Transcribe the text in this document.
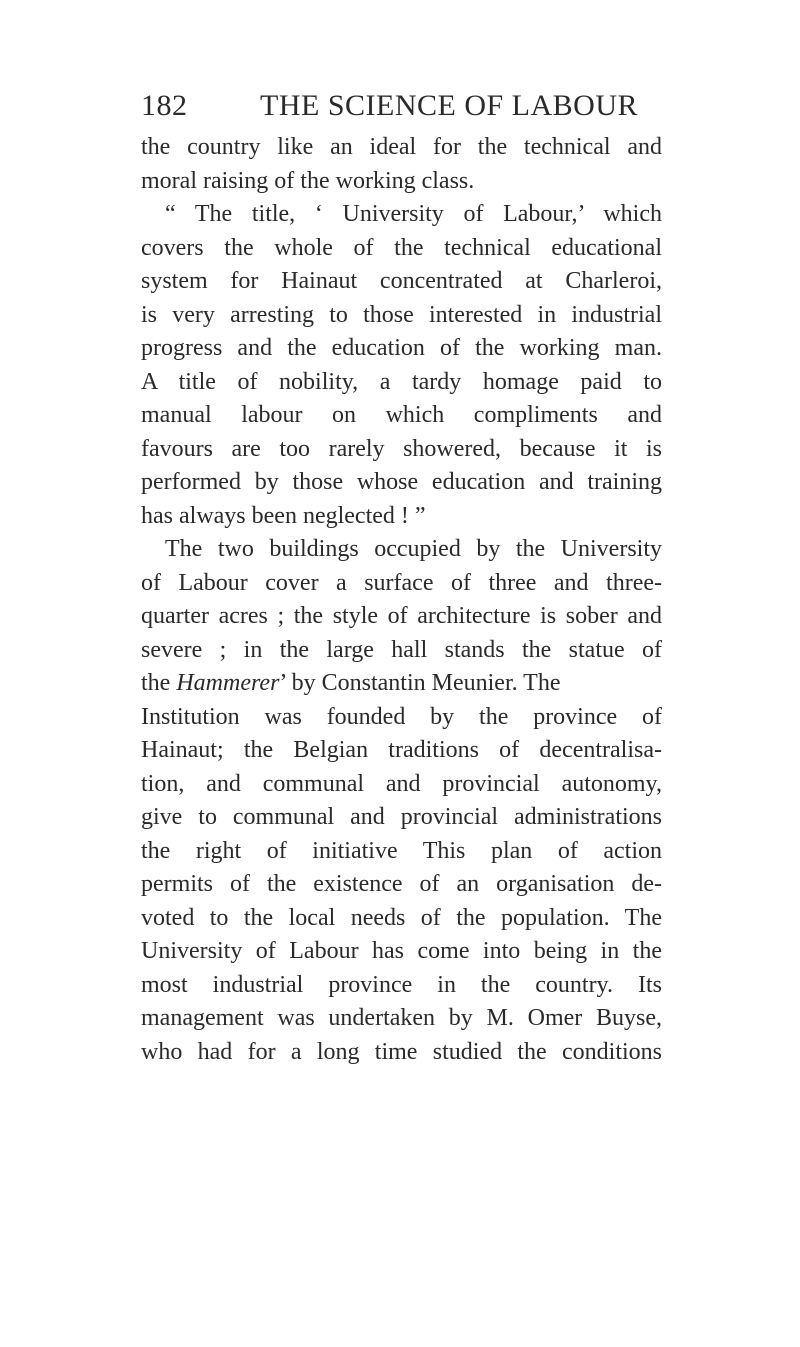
182 THE SCIENCE OF LABOUR
the country like an ideal for the technical and
moral raising of the working class.
“ The title, ‘ University of Labour,’ which
covers the whole of the technical educational
system for Hainaut concentrated at Charleroi,
is very arresting to those interested in industrial
progress and the education of the working man.
A title of nobility, a tardy homage paid to
manual labour on which compliments and
favours are too rarely showered, because it is
performed by those whose education and training
has always been neglected ! ”
The two buildings occupied by the University
of Labour cover a surface of three and three-
quarter acres ; the style of architecture is sober and
severe ; in the large hall stands the statue of
the Hammerer’ by Constantin Meunier. The
Institution was founded by the province of
Hainaut; the Belgian traditions of decentralisa-
tion, and communal and provincial autonomy,
give to communal and provincial administrations
the right of initiative This plan of action
permits of the existence of an organisation de-
voted to the local needs of the population. The
University of Labour has come into being in the
most industrial province in the country. Its
management was undertaken by M. Omer Buyse,
who had for a long time studied the conditions
